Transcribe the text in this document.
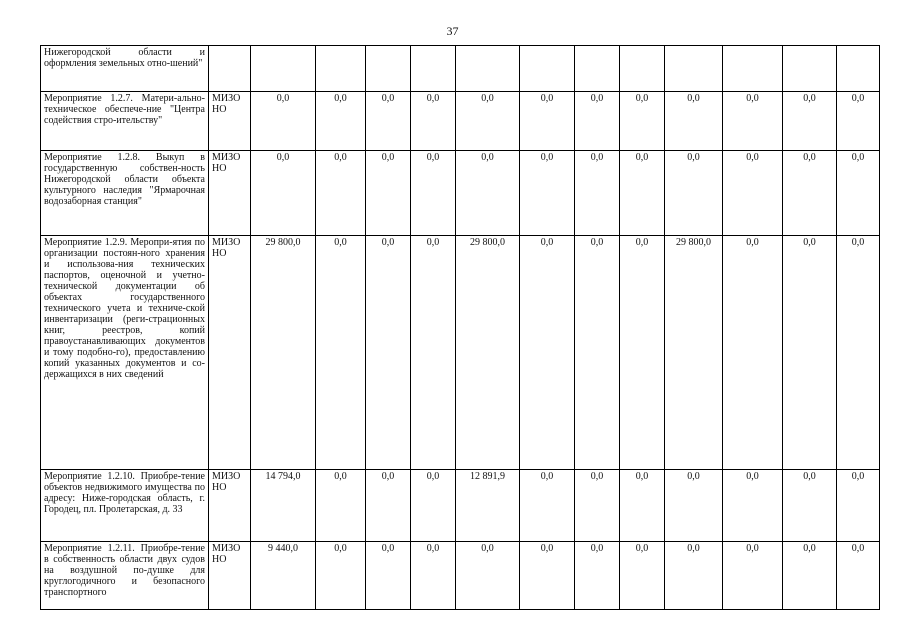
37
Нижегородской области и оформления земельных отно-шений"													
Мероприятие 1.2.7. Матери-ально-техническое обеспече-ние "Центра содействия стро-ительству"	МИЗО НО	0,0	0,0	0,0	0,0	0,0	0,0	0,0	0,0	0,0	0,0	0,0	0,0
Мероприятие 1.2.8. Выкуп в государственную собствен-ность Нижегородской области объекта культурного наследия "Ярмарочная водозаборная станция"	МИЗО НО	0,0	0,0	0,0	0,0	0,0	0,0	0,0	0,0	0,0	0,0	0,0	0,0
Мероприятие 1.2.9. Меропри-ятия по организации постоян-ного хранения и использова-ния технических паспортов, оценочной и учетно-технической документации об объектах государственного технического учета и техниче-ской инвентаризации (реги-страционных книг, реестров, копий правоустанавливающих документов и тому подобно-го), предоставлению копий указанных документов и со-держащихся в них сведений	МИЗО НО	29 800,0	0,0	0,0	0,0	29 800,0	0,0	0,0	0,0	29 800,0	0,0	0,0	0,0
Мероприятие 1.2.10. Приобре-тение объектов недвижимого имущества по адресу: Ниже-городская область, г. Городец, пл. Пролетарская, д. 33	МИЗО НО	14 794,0	0,0	0,0	0,0	12 891,9	0,0	0,0	0,0	0,0	0,0	0,0	0,0
Мероприятие 1.2.11. Приобре-тение в собственность области двух судов на воздушной по-душке для круглогодичного и безопасного транспортного	МИЗО НО	9 440,0	0,0	0,0	0,0	0,0	0,0	0,0	0,0	0,0	0,0	0,0	0,0
